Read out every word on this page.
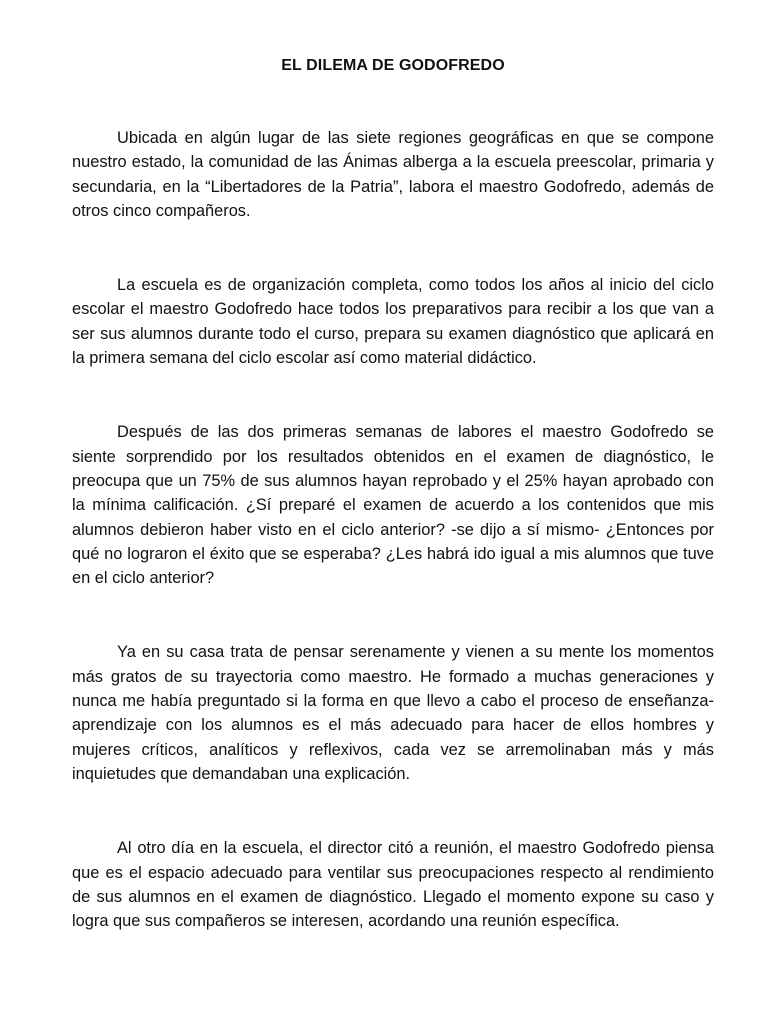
EL DILEMA DE GODOFREDO

Ubicada en algún lugar de las siete regiones geográficas en que se compone nuestro estado, la comunidad de las Ánimas alberga a la escuela preescolar, primaria y secundaria, en la “Libertadores de la Patria”, labora el maestro Godofredo, además de otros cinco compañeros.

La escuela es de organización completa, como todos los años al inicio del ciclo escolar el maestro Godofredo hace todos los preparativos para recibir a los que van a ser sus alumnos durante todo el curso, prepara su examen diagnóstico que aplicará en la primera semana del ciclo escolar así como material didáctico.

Después de las dos primeras semanas de labores el maestro Godofredo se siente sorprendido por los resultados obtenidos en el examen de diagnóstico, le preocupa que un 75% de sus alumnos hayan reprobado y el 25% hayan aprobado con la mínima calificación. ¿Sí preparé el examen de acuerdo a los contenidos que mis alumnos debieron haber visto en el ciclo anterior? -se dijo a sí mismo- ¿Entonces por qué no lograron el éxito que se esperaba? ¿Les habrá ido igual a mis alumnos que tuve en el ciclo anterior?

Ya en su casa trata de pensar serenamente y vienen a su mente los momentos más gratos de su trayectoria como maestro. He formado a muchas generaciones y nunca me había preguntado si la forma en que llevo a cabo el proceso de enseñanza-aprendizaje con los alumnos es el más adecuado para hacer de ellos hombres y mujeres críticos, analíticos y reflexivos, cada vez se arremolinaban más y más inquietudes que demandaban una explicación.

Al otro día en la escuela, el director citó a reunión, el maestro Godofredo piensa que es el espacio adecuado para ventilar sus preocupaciones respecto al rendimiento de sus alumnos en el examen de diagnóstico. Llegado el momento expone su caso y logra que sus compañeros se interesen, acordando una reunión específica.
